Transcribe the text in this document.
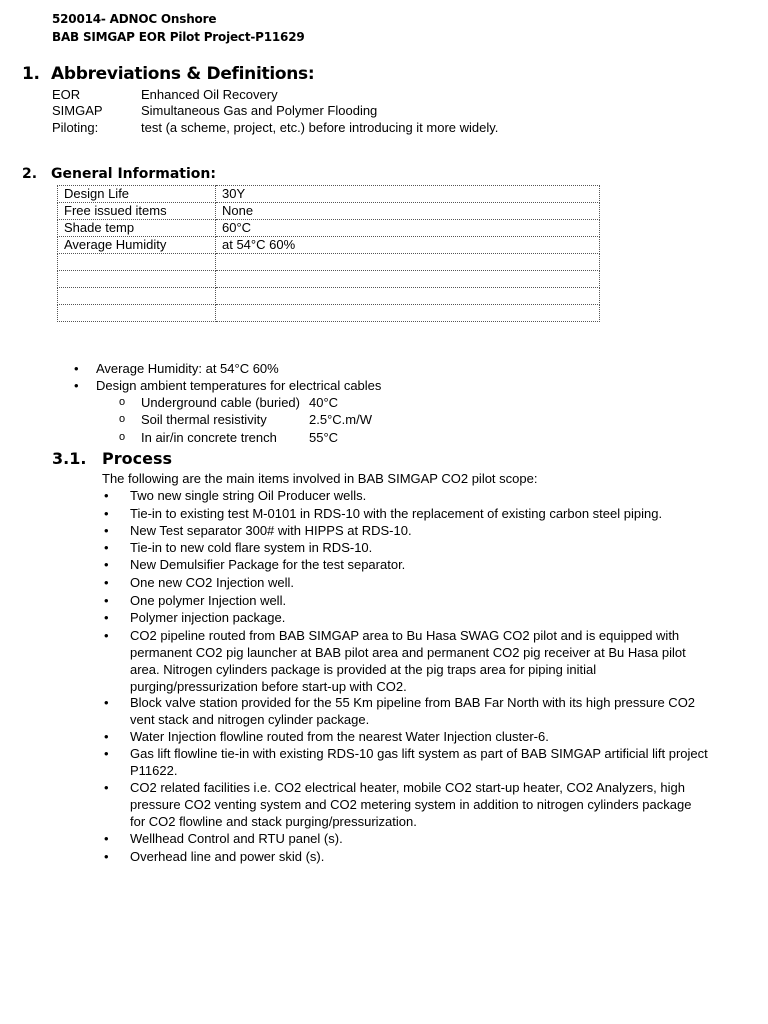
520014- ADNOC Onshore
BAB SIMGAP EOR Pilot Project-P11629
1. Abbreviations & Definitions:
EOR	Enhanced Oil Recovery
SIMGAP	Simultaneous Gas and Polymer Flooding
Piloting:	test (a scheme, project, etc.) before introducing it more widely.
2. General Information:
Design Life	30Y
Free issued items	None
Shade temp	60°C
Average Humidity	at 54°C 60%

• Average Humidity: at 54°C 60%
• Design ambient temperatures for electrical cables
o Underground cable (buried) 40°C
o Soil thermal resistivity	2.5°C.m/W
o In air/in concrete trench 55°C
3.1. Process
The following are the main items involved in BAB SIMGAP CO2 pilot scope:
• Two new single string Oil Producer wells.
• Tie-in to existing test M-0101 in RDS-10 with the replacement of existing carbon steel piping.
• New Test separator 300# with HIPPS at RDS-10.
• Tie-in to new cold flare system in RDS-10.
• New Demulsifier Package for the test separator.
• One new CO2 Injection well.
• One polymer Injection well.
• Polymer injection package.
• CO2 pipeline routed from BAB SIMGAP area to Bu Hasa SWAG CO2 pilot and is equipped with permanent CO2 pig launcher at BAB pilot area and permanent CO2 pig receiver at Bu Hasa pilot area. Nitrogen cylinders package is provided at the pig traps area for piping initial purging/pressurization before start-up with CO2.
• Block valve station provided for the 55 Km pipeline from BAB Far North with its high pressure CO2 vent stack and nitrogen cylinder package.
• Water Injection flowline routed from the nearest Water Injection cluster-6.
• Gas lift flowline tie-in with existing RDS-10 gas lift system as part of BAB SIMGAP artificial lift project P11622.
• CO2 related facilities i.e. CO2 electrical heater, mobile CO2 start-up heater, CO2 Analyzers, high pressure CO2 venting system and CO2 metering system in addition to nitrogen cylinders package for CO2 flowline and stack purging/pressurization.
• Wellhead Control and RTU panel (s).
• Overhead line and power skid (s).
